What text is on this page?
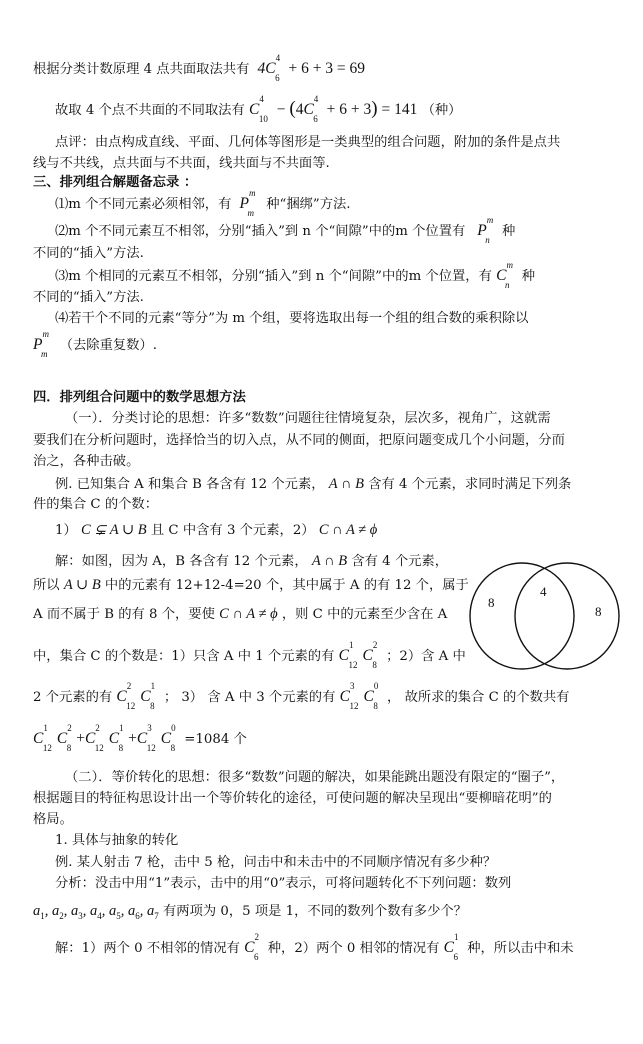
根据分类计数原理 4 点共面取法共有  $4C^4_6 + 6 + 3 = 69$
故取 4 个点不共面的不同取法有 $C^4_{10} - (4C^4_6 + 6 + 3) = 141$ （种）
点评：由点构成直线、平面、几何体等图形是一类典型的组合问题，附加的条件是点共
线与不共线，点共面与不共面，线共面与不共面等.
三、排列组合解题备忘录 ：
⑴m 个不同元素必须相邻，有  $P^m_m$ 种“捆绑”方法.
⑵m 个不同元素互不相邻，分别“插入”到 n 个“间隙”中的m 个位置有   $P^m_n$ 种
不同的“插入”方法.
⑶m 个相同的元素互不相邻，分别“插入”到 n 个“间隙”中的m 个位置，有 $C^m_n$ 种
不同的“插入”方法.
⑷若干个不同的元素“等分”为 m 个组，要将选取出每一个组的组合数的乘积除以
$P^m_m$ （去除重复数）.
四．排列组合问题中的数学思想方法
（一）．分类讨论的思想：许多“数数”问题往往情境复杂，层次多，视角广，这就需
要我们在分析问题时，选择恰当的切入点，从不同的侧面，把原问题变成几个小问题，分而
治之，各种击破。
例. 已知集合 A 和集合 B 各含有 12 个元素， A ∩ B 含有 4 个元素，求同时满足下列条
件的集合 C 的个数：
1） C ⊊ A ∪ B 且 C 中含有 3 个元素，2） C ∩ A ≠ ϕ
解：如图，因为 A，B 各含有 12 个元素， A ∩ B 含有 4 个元素，
所以 A ∪ B 中的元素有 12+12-4=20 个，其中属于 A 的有 12 个，属于
A 而不属于 B 的有 8 个，要使 C ∩ A ≠ ϕ ，则 C 中的元素至少含在 A
中，集合 C 的个数是：1）只含 A 中 1 个元素的有 $C^1_{12}C^2_8$ ；2）含 A 中
2 个元素的有 $C^2_{12}C^1_8$ ； 3） 含 A 中 3 个元素的有 $C^3_{12}C^0_8$ ， 故所求的集合 C 的个数共有
$C^1_{12}C^2_8+C^2_{12}C^1_8+C^3_{12}C^0_8 =1084$ 个
（二）．等价转化的思想：很多“数数”问题的解决，如果能跳出题没有限定的“圈子”，
根据题目的特征构思设计出一个等价转化的途径，可使问题的解决呈现出“要柳暗花明”的
格局。
1. 具体与抽象的转化
例. 某人射击 7 枪，击中 5 枪，问击中和未击中的不同顺序情况有多少种？
分析：没击中用“1”表示，击中的用“0”表示，可将问题转化不下列问题：数列
$a_1$, $a_2$, $a_3$, $a_4$, $a_5$, $a_6$, $a_7$ 有两项为 0，5 项是 1，不同的数列个数有多少个？
解：1）两个 0 不相邻的情况有 $C^2_6$ 种，2）两个 0 相邻的情况有 $C^1_6$ 种，所以击中和未
8
4
8
